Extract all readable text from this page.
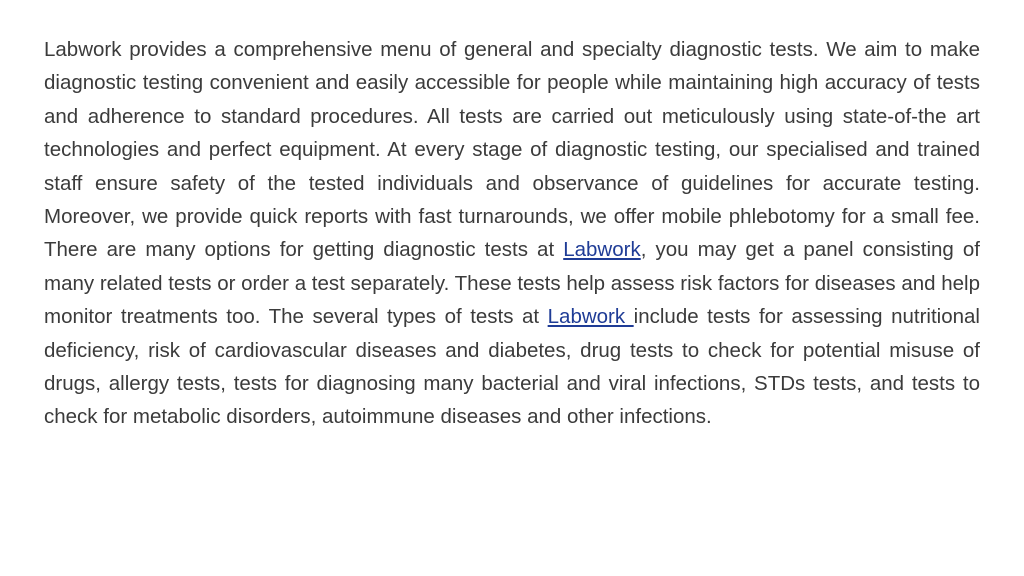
Labwork provides a comprehensive menu of general and specialty diagnostic tests. We aim to make diagnostic testing convenient and easily accessible for people while maintaining high accuracy of tests and adherence to standard procedures. All tests are carried out meticulously using state-of-the art technologies and perfect equipment. At every stage of diagnostic testing, our specialised and trained staff ensure safety of the tested individuals and observance of guidelines for accurate testing. Moreover, we provide quick reports with fast turnarounds, we offer mobile phlebotomy for a small fee. There are many options for getting diagnostic tests at Labwork, you may get a panel consisting of many related tests or order a test separately. These tests help assess risk factors for diseases and help monitor treatments too. The several types of tests at Labwork include tests for assessing nutritional deficiency, risk of cardiovascular diseases and diabetes, drug tests to check for potential misuse of drugs, allergy tests, tests for diagnosing many bacterial and viral infections, STDs tests, and tests to check for metabolic disorders, autoimmune diseases and other infections.
